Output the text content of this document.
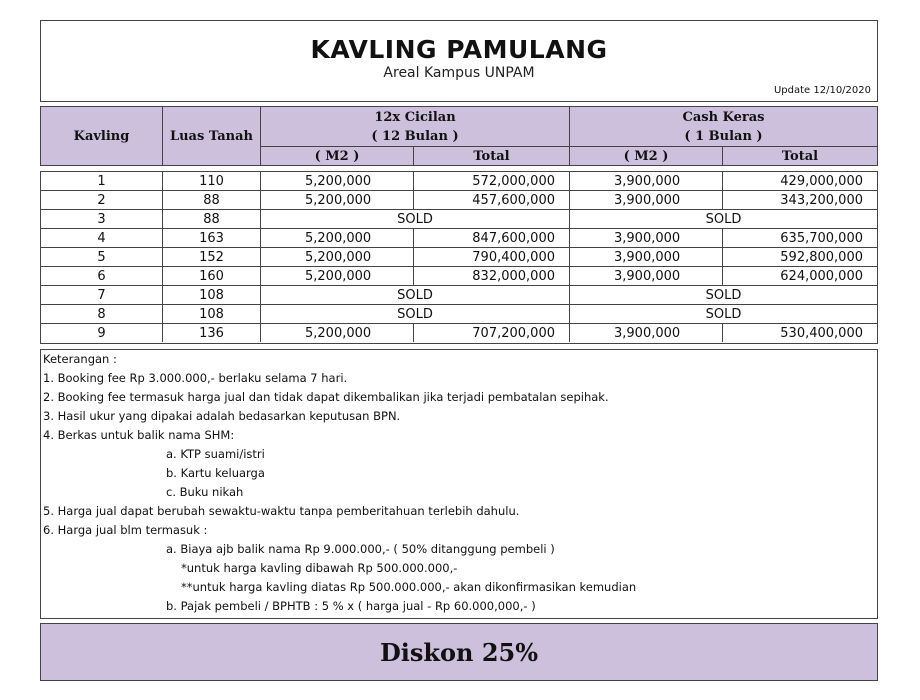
KAVLING PAMULANG
Areal Kampus UNPAM
Update 12/10/2020
Kavling	Luas Tanah
12x Cicilan
( 12 Bulan )
Cash Keras
( 1 Bulan )
( M2 )	Total	( M2 )	Total
1	110	5,200,000	572,000,000	3,900,000	429,000,000
2	88	5,200,000	457,600,000	3,900,000	343,200,000
3	88	SOLD	SOLD
4	163	5,200,000	847,600,000	3,900,000	635,700,000
5	152	5,200,000	790,400,000	3,900,000	592,800,000
6	160	5,200,000	832,000,000	3,900,000	624,000,000
7	108	SOLD	SOLD
8	108	SOLD	SOLD
9	136	5,200,000	707,200,000	3,900,000	530,400,000
Keterangan :
1. Booking fee Rp 3.000.000,- berlaku selama 7 hari.
2. Booking fee termasuk harga jual dan tidak dapat dikembalikan jika terjadi pembatalan sepihak.
3. Hasil ukur yang dipakai adalah bedasarkan keputusan BPN.
4. Berkas untuk balik nama SHM:
a. KTP suami/istri
b. Kartu keluarga
c. Buku nikah
5. Harga jual dapat berubah sewaktu-waktu tanpa pemberitahuan terlebih dahulu.
6. Harga jual blm termasuk :
a. Biaya ajb balik nama Rp 9.000.000,- ( 50% ditanggung pembeli )
*untuk harga kavling dibawah Rp 500.000.000,-
**untuk harga kavling diatas Rp 500.000.000,- akan dikonfirmasikan kemudian
b. Pajak pembeli / BPHTB : 5 % x ( harga jual - Rp 60.000,000,- )
Diskon 25%
